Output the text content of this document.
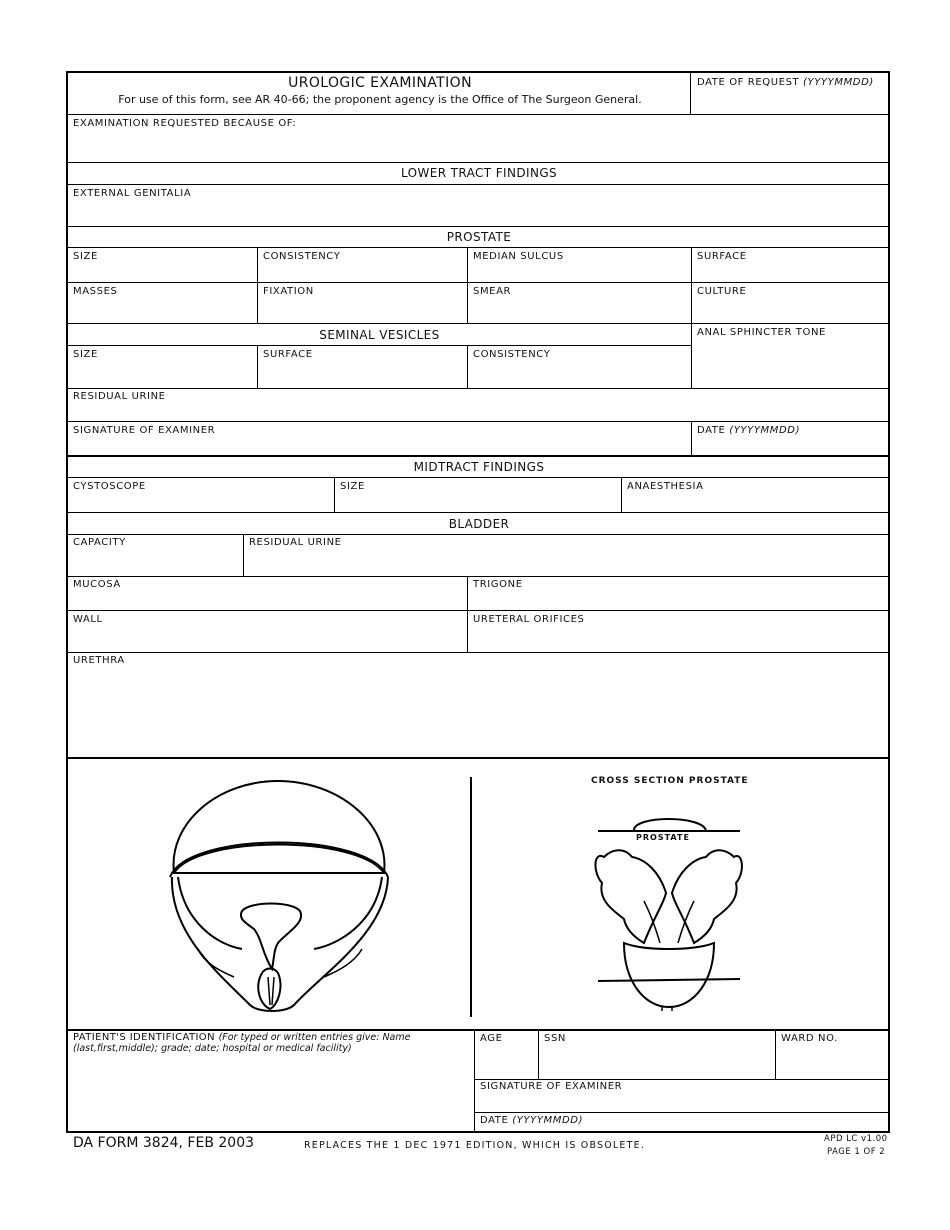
UROLOGIC EXAMINATION
For use of this form, see AR 40-66; the proponent agency is the Office of The Surgeon General.
DATE OF REQUEST (YYYYMMDD)
EXAMINATION REQUESTED BECAUSE OF:
LOWER TRACT FINDINGS
EXTERNAL GENITALIA
PROSTATE
SIZE	CONSISTENCY	MEDIAN SULCUS	SURFACE
MASSES	FIXATION	SMEAR	CULTURE
SEMINAL VESICLES	ANAL SPHINCTER TONE
SIZE	SURFACE	CONSISTENCY
RESIDUAL URINE
SIGNATURE OF EXAMINER	DATE (YYYYMMDD)
MIDTRACT FINDINGS
CYSTOSCOPE	SIZE	ANAESTHESIA
BLADDER
CAPACITY	RESIDUAL URINE
MUCOSA	TRIGONE
WALL	URETERAL ORIFICES
URETHRA
CROSS SECTION PROSTATE
PROSTATE
PATIENT'S IDENTIFICATION (For typed or written entries give: Name
(last,first,middle); grade; date; hospital or medical facility)
AGE	SSN	WARD NO.
SIGNATURE OF EXAMINER
DATE (YYYYMMDD)
DA FORM 3824, FEB 2003	REPLACES THE 1 DEC 1971 EDITION, WHICH IS OBSOLETE.
APD LC v1.00
PAGE 1 OF 2
